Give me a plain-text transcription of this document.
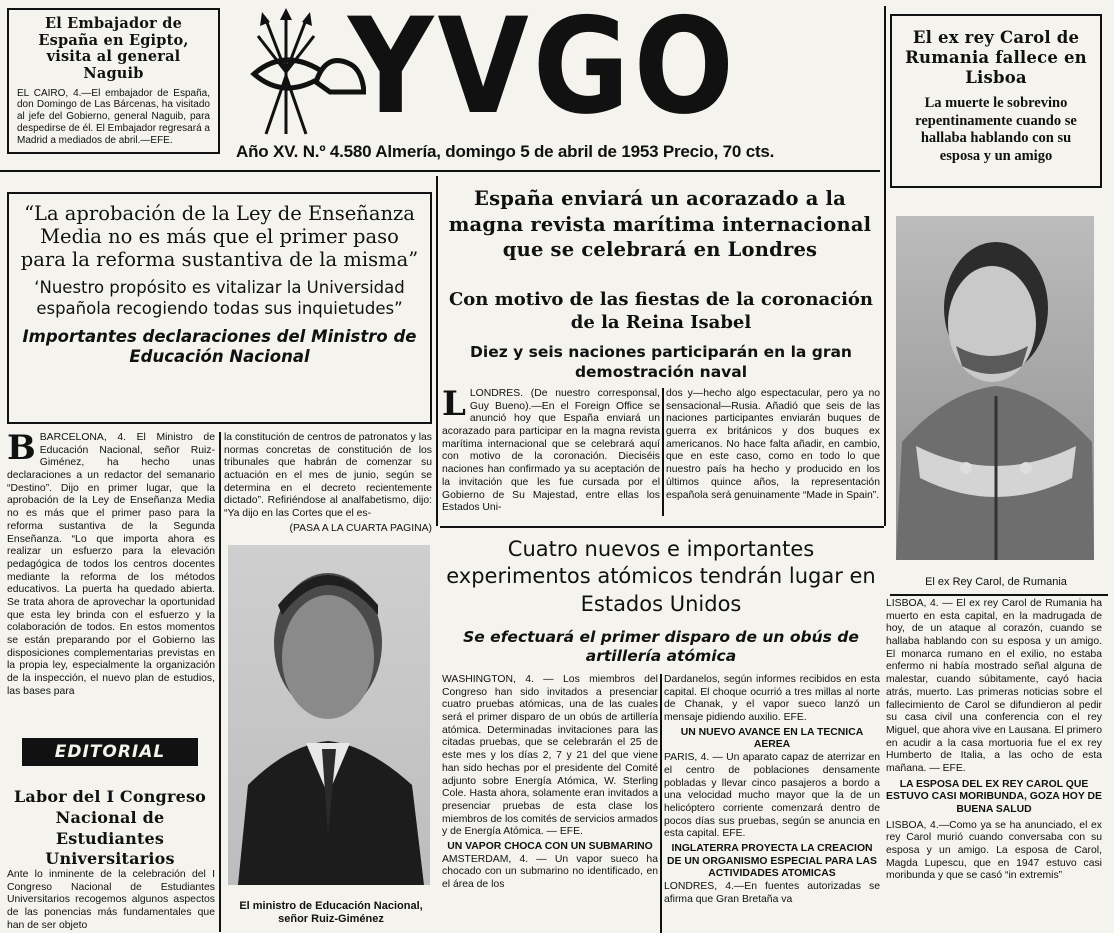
El Embajador de España en Egipto, visita al general Naguib

EL CAIRO, 4.—El embajador de España, don Domingo de Las Bárcenas, ha visitado al jefe del Gobierno, general Naguib, para despedirse de él. El Embajador regresará a Madrid a mediados de abril.—EFE.	YVGO
Año XV. N.º 4.580 Almería, domingo 5 de abril de 1953 Precio, 70 cts.

El ex rey Carol de Rumania fallece en Lisboa

La muerte le sobrevino repentinamente cuando se hallaba hablando con su esposa y un amigo

“La aprobación de la Ley de Enseñanza Media no es más que el primer paso para la reforma sustantiva de la misma”

‘Nuestro propósito es vitalizar la Universidad española recogiendo todas sus inquietudes”

Importantes declaraciones del Ministro de Educación Nacional

B BARCELONA, 4. El Ministro de Educación Nacional, señor Ruiz-Giménez, ha hecho unas declaraciones a un redactor del semanario “Destino”. Dijo en primer lugar, que la aprobación de la Ley de Enseñanza Media no es más que el primer paso para la reforma sustantiva de la Segunda Enseñanza. “Lo que importa ahora es realizar un esfuerzo para la elevación pedagógica de todos los centros docentes mediante la reforma de los métodos educativos. La puerta ha quedado abierta. Se trata ahora de aprovechar la oportunidad que esta ley brinda con el esfuerzo y la colaboración de todos. En estos momentos se están preparando por el Gobierno las disposiciones complementarias previstas en la propia ley, especialmente la organización de la inspección, el nuevo plan de estudios, las bases para

la constitución de centros de patronatos y las normas concretas de constitución de los tribunales que habrán de comenzar su actuación en el mes de junio, según se determina en el decreto recientemente dictado”. Refiriéndose al analfabetismo, dijo: “Ya dijo en las Cortes que el es-

(PASA A LA CUARTA PAGINA)

El ministro de Educación Nacional, señor Ruiz-Giménez

EDITORIAL

Labor del I Congreso Nacional de Estudiantes Universitarios

Ante lo inminente de la celebración del I Congreso Nacional de Estudiantes Universitarios recogemos algunos aspectos de las ponencias más fundamentales que han de ser objeto

España enviará un acorazado a la magna revista marítima internacional que se celebrará en Londres

Con motivo de las fiestas de la coronación de la Reina Isabel

Diez y seis naciones participarán en la gran demostración naval

L LONDRES. (De nuestro corresponsal, Guy Bueno).—En el Foreign Office se anunció hoy que España enviará un acorazado para participar en la magna revista marítima internacional que se celebrará aquí con motivo de la coronación. Dieciséis naciones han confirmado ya su aceptación de la invitación que les fue cursada por el Gobierno de Su Majestad, entre ellas los Estados Uni-

dos y—hecho algo espectacular, pero ya no sensacional—Rusia. Añadió que seis de las naciones participantes enviarán buques de guerra ex británicos y dos buques ex americanos. No hace falta añadir, en cambio, que en este caso, como en todo lo que nuestro país ha hecho y producido en los últimos quince años, la representación española será genuinamente “Made in Spain”.

Cuatro nuevos e importantes experimentos atómicos tendrán lugar en Estados Unidos

Se efectuará el primer disparo de un obús de artillería atómica

WASHINGTON, 4. — Los miembros del Congreso han sido invitados a presenciar cuatro pruebas atómicas, una de las cuales será el primer disparo de un obús de artillería atómica. Determinadas invitaciones para las citadas pruebas, que se celebrarán el 25 de este mes y los días 2, 7 y 21 del que viene han sido hechas por el presidente del Comité adjunto sobre Energía Atómica, W. Sterling Cole. Hasta ahora, solamente eran invitados a presenciar pruebas de esta clase los miembros de los comités de servicios armados y de Energía Atómica. — EFE.

UN VAPOR CHOCA CON UN SUBMARINO

AMSTERDAM, 4. — Un vapor sueco ha chocado con un submarino no identificado, en el área de los

Dardanelos, según informes recibidos en esta capital. El choque ocurrió a tres millas al norte de Chanak, y el vapor sueco lanzó un mensaje pidiendo auxilio. EFE.

UN NUEVO AVANCE EN LA TECNICA AEREA

PARIS, 4. — Un aparato capaz de aterrizar en el centro de poblaciones densamente pobladas y llevar cinco pasajeros a bordo a una velocidad mucho mayor que la de un helicóptero corriente comenzará dentro de pocos días sus pruebas, según se anuncia en esta capital. EFE.

INGLATERRA PROYECTA LA CREACION DE UN ORGANISMO ESPECIAL PARA LAS ACTIVIDADES ATOMICAS

LONDRES, 4.—En fuentes autorizadas se afirma que Gran Bretaña va

El ex Rey Carol, de Rumania

LISBOA, 4. — El ex rey Carol de Rumania ha muerto en esta capital, en la madrugada de hoy, de un ataque al corazón, cuando se hallaba hablando con su esposa y un amigo. El monarca rumano en el exilio, no estaba enfermo ni había mostrado señal alguna de malestar, cuando súbitamente, cayó hacia atrás, muerto. Las primeras noticias sobre el fallecimiento de Carol se difundieron al pedir su casa civil una conferencia con el rey Miguel, que ahora vive en Lausana. El primero en acudir a la casa mortuoria fue el ex rey Humberto de Italia, a las ocho de esta mañana. — EFE.

LA ESPOSA DEL EX REY CAROL QUE ESTUVO CASI MORIBUNDA, GOZA HOY DE BUENA SALUD

LISBOA, 4.—Como ya se ha anunciado, el ex rey Carol murió cuando conversaba con su esposa y un amigo. La esposa de Carol, Magda Lupescu, que en 1947 estuvo casi moribunda y que se casó “in extremis”
